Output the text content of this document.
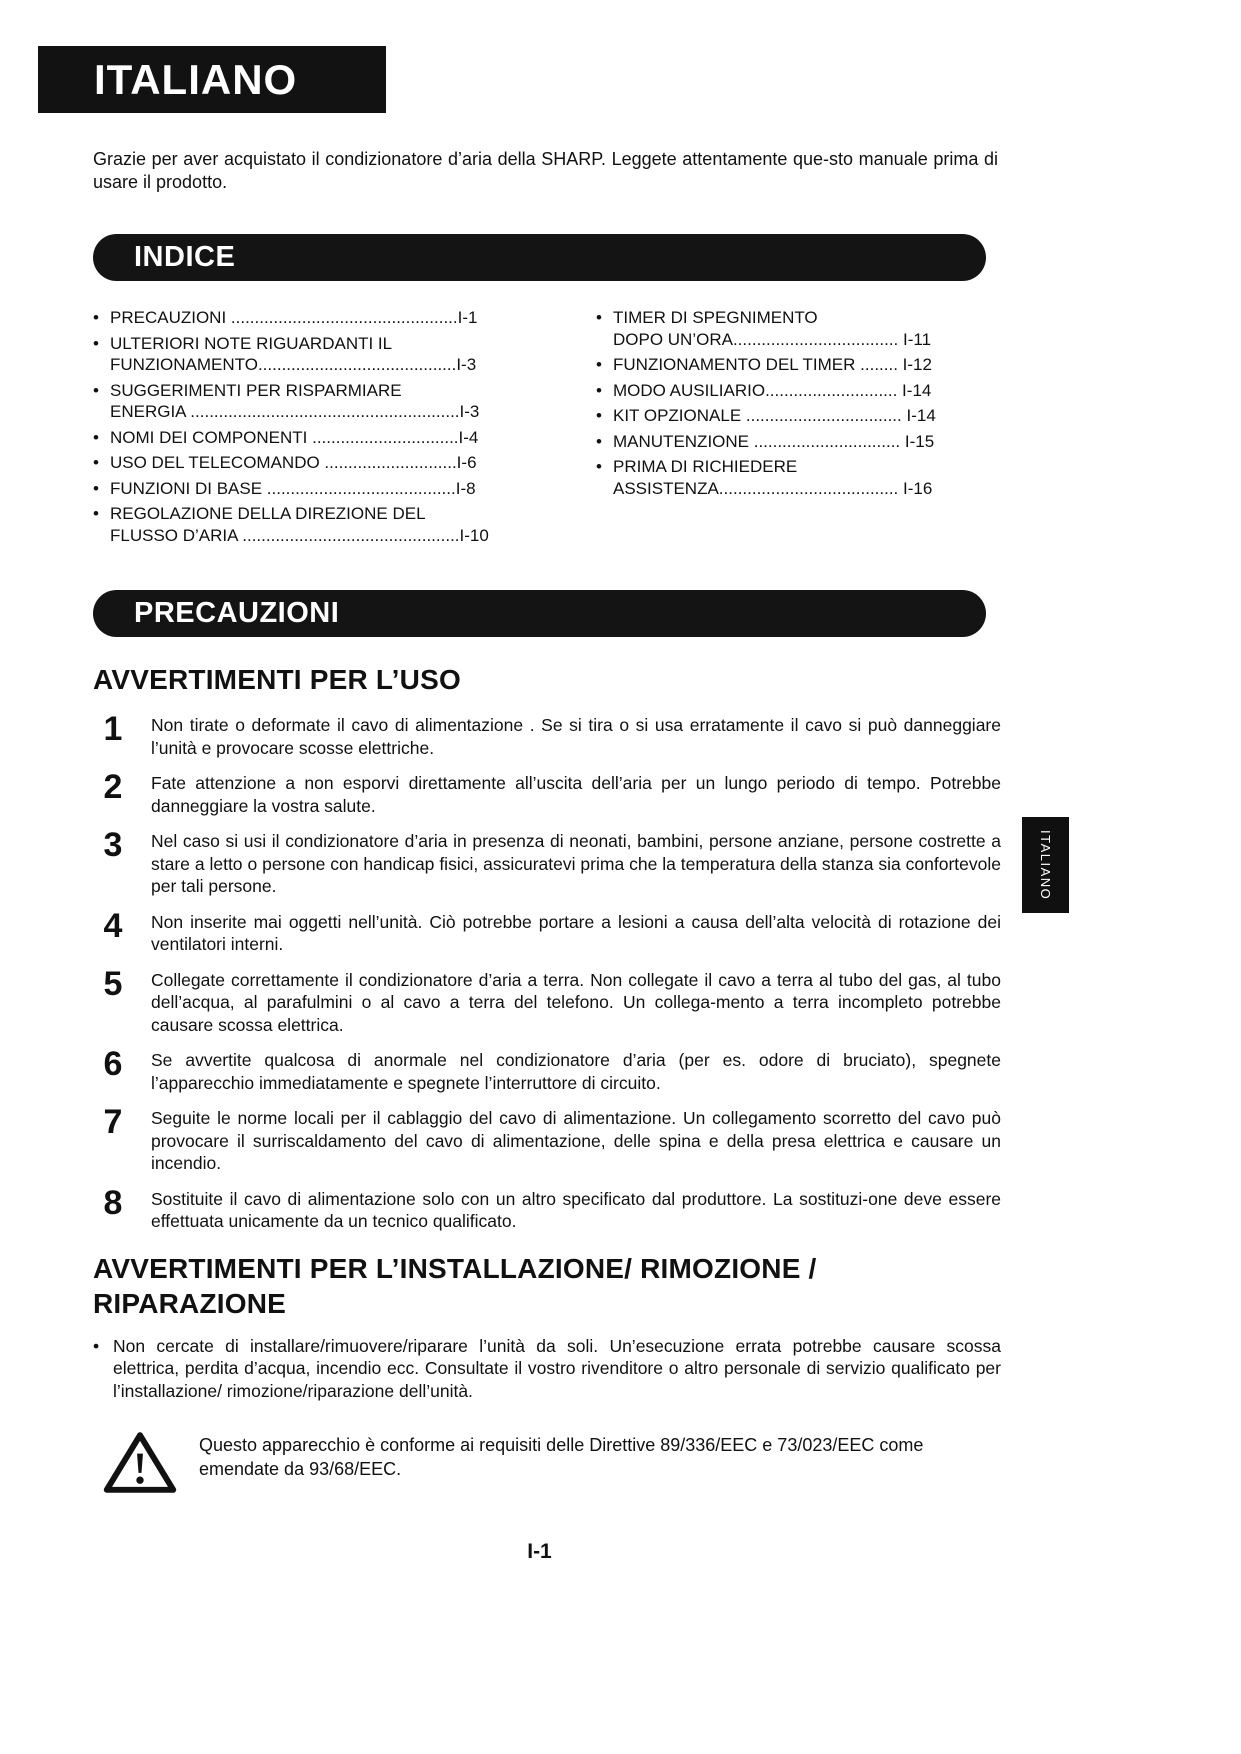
ITALIANO

Grazie per aver acquistato il condizionatore d’aria della SHARP. Leggete attentamente que-sto manuale prima di usare il prodotto.

INDICE
• PRECAUZIONI ................................................I-1
• ULTERIORI NOTE RIGUARDANTI IL
FUNZIONAMENTO..........................................I-3
• SUGGERIMENTI PER RISPARMIARE
ENERGIA .........................................................I-3
• NOMI DEI COMPONENTI ...............................I-4
• USO DEL TELECOMANDO ............................I-6
• FUNZIONI DI BASE ........................................I-8
• REGOLAZIONE DELLA DIREZIONE DEL
FLUSSO D’ARIA ..............................................I-10
• TIMER DI SPEGNIMENTO
DOPO UN’ORA................................... I-11
• FUNZIONAMENTO DEL TIMER ........ I-12
• MODO AUSILIARIO............................ I-14
• KIT OPZIONALE ................................. I-14
• MANUTENZIONE ............................... I-15
• PRIMA DI RICHIEDERE
ASSISTENZA...................................... I-16
PRECAUZIONI
AVVERTIMENTI PER L’USO
1	Non tirate o deformate il cavo di alimentazione . Se si tira o si usa erratamente il cavo si può danneggiare l’unità e provocare scosse elettriche.

2	Fate attenzione a non esporvi direttamente all’uscita dell’aria per un lungo periodo di tempo. Potrebbe danneggiare la vostra salute.

3	Nel caso si usi il condizionatore d’aria in presenza di neonati, bambini, persone anziane, persone costrette a stare a letto o persone con handicap fisici, assicuratevi prima che la temperatura della stanza sia confortevole per tali persone.

4	Non inserite mai oggetti nell’unità. Ciò potrebbe portare a lesioni a causa dell’alta velocità di rotazione dei ventilatori interni.

5	Collegate correttamente il condizionatore d’aria a terra. Non collegate il cavo a terra al tubo del gas, al tubo dell’acqua, al parafulmini o al cavo a terra del telefono. Un collega-mento a terra incompleto potrebbe causare scossa elettrica.

6	Se avvertite qualcosa di anormale nel condizionatore d’aria (per es. odore di bruciato), spegnete l’apparecchio immediatamente e spegnete l’interruttore di circuito.

7	Seguite le norme locali per il cablaggio del cavo di alimentazione. Un collegamento scorretto del cavo può provocare il surriscaldamento del cavo di alimentazione, delle spina e della presa elettrica e causare un incendio.

8	Sostituite il cavo di alimentazione solo con un altro specificato dal produttore. La sostituzi-one deve essere effettuata unicamente da un tecnico qualificato.

AVVERTIMENTI PER L’INSTALLAZIONE/ RIMOZIONE / RIPARAZIONE
• Non cercate di installare/rimuovere/riparare l’unità da soli. Un’esecuzione errata potrebbe causare scossa elettrica, perdita d’acqua, incendio ecc. Consultate il vostro rivenditore o altro personale di servizio qualificato per l’installazione/ rimozione/riparazione dell’unità.

Questo apparecchio è conforme ai requisiti delle Direttive 89/336/EEC e 73/023/EEC come emendate da 93/68/EEC.

I-1
ITALIANO
